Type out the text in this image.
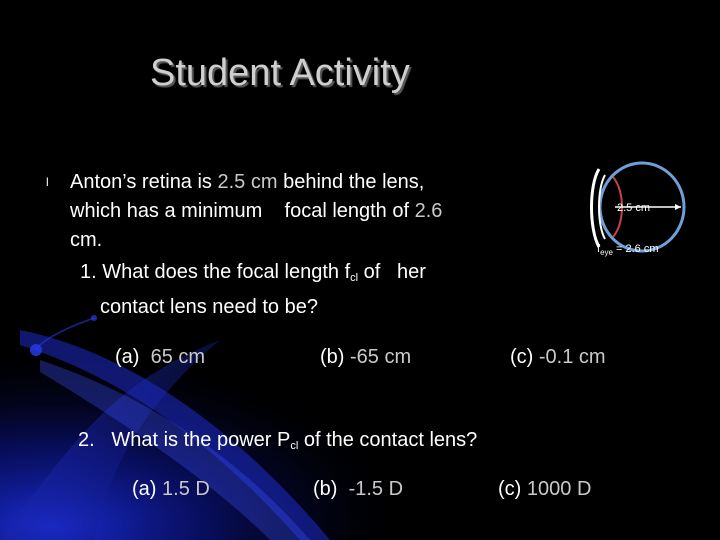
Student Activity
l Anton’s retina is 2.5 cm behind the lens,
which has a minimum    focal length of 2.6
cm.
1. What does the focal length $f_{cl}$ of   her
contact lens need to be?
(a) 65 cm	(b) -65 cm	(c) -0.1 cm
2.   What is the power $P_{cl}$ of the contact lens?
(a) 1.5 D	(b) -1.5 D	(c) 1000 D
2.5 cm
$f_{eye} = 2.6$ cm
